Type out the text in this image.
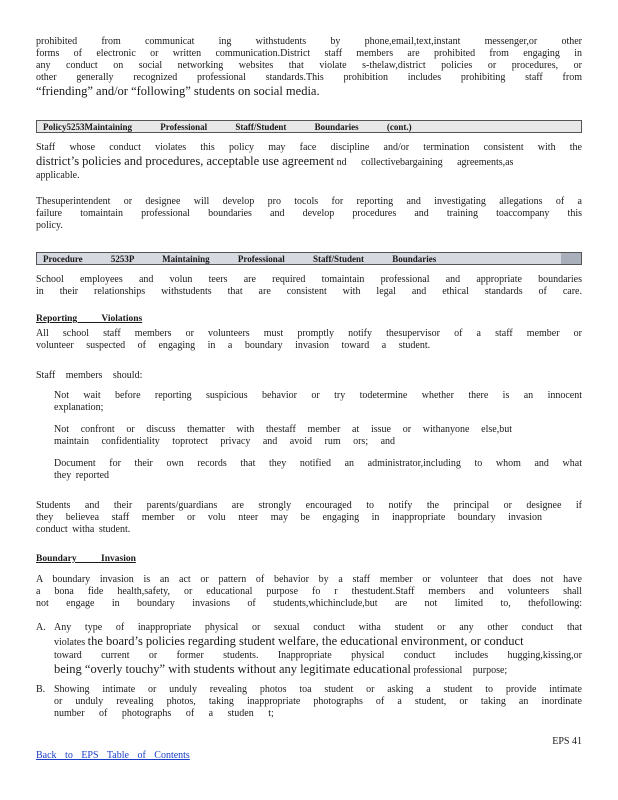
prohibited from communicat ing withstudents by phone,email,text,instant messenger,or other

forms of electronic or written communication.District staff members are prohibited from engaging in

any conduct on social networking websites that violate s-thelaw,district policies or procedures, or

other generally recognized professional standards.This prohibition includes prohibiting staff from

“friending” and/or “following” students on social media.

Policy5253Maintaining Professional Staff/Student Boundaries (cont.)

Staff whose conduct violates this policy may face discipline and/or termination consistent with the

district’s policies and procedures, acceptable use agreement nd collectivebargaining agreements,as

applicable.

Thesuperintendent or designee will develop pro tocols for reporting and investigating allegations of a

failure tomaintain professional boundaries and develop procedures and training toaccompany this

policy.

Procedure 5253P Maintaining Professional Staff/Student Boundaries

School employees and volun teers are required tomaintain professional and appropriate boundaries

in their relationships withstudents that are consistent with legal and ethical standards of care.

Reporting Violations

All school staff members or volunteers must promptly notify thesupervisor of a staff member or

volunteer suspected of engaging in a boundary invasion toward a student.

Staff members should:

Not wait before reporting suspicious behavior or try todetermine whether there is an innocent

explanation;

Not confront or discuss thematter with thestaff member at issue or withanyone else,but

maintain confidentiality toprotect privacy and avoid rum ors; and

Document for their own records that they notified an administrator,including to whom and what

they reported

Students and their parents/guardians are strongly encouraged to notify the principal or designee if

they believea staff member or volu nteer may be engaging in inappropriate boundary invasion

conduct witha student.

Boundary Invasion

A boundary invasion is an act or pattern of behavior by a staff member or volunteer that does not have

a bona fide health,safety, or educational purpose fo r thestudent.Staff members and volunteers shall

not engage in boundary invasions of students,whichinclude,but are not limited to, thefollowing:

A. Any type of inappropriate physical or sexual conduct witha student or any other conduct that

violates the board’s policies regarding student welfare, the educational environment, or conduct

toward current or former students. Inappropriate physical conduct includes hugging,kissing,or

being “overly touchy” with students without any legitimate educational professional purpose;

B. Showing intimate or unduly revealing photos toa student or asking a student to provide intimate

or unduly revealing photos, taking inappropriate photographs of a student, or taking an inordinate

number of photographs of a studen t;

EPS 41
Back to EPS Table of Contents
